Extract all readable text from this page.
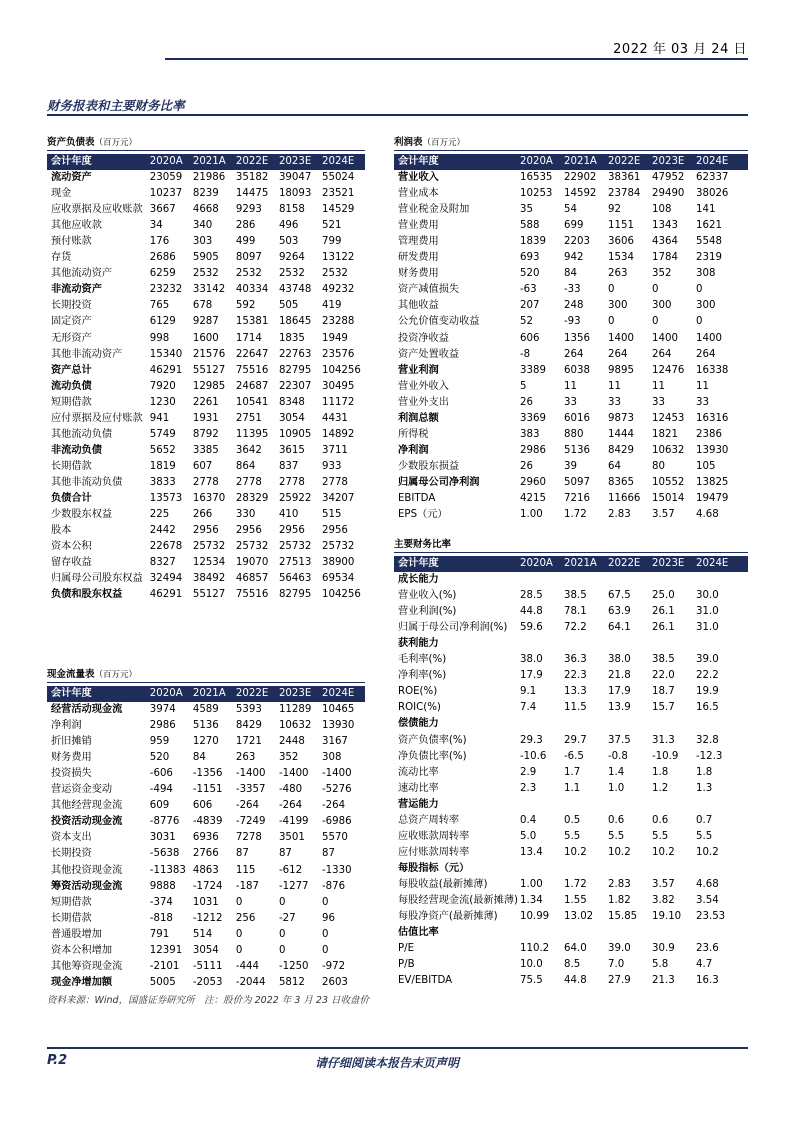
2022 年 03 月 24 日
财务报表和主要财务比率
资产负债表（百万元）
会计年度	2020A 2021A 2022E	2023E	2024E
流动资产	23059	21986	35182	39047	55024
现金	10237	8239	14475	18093	23521
应收票据及应收账款 3667	4668	9293	8158	14529
其他应收款	34	340	286	496	521
预付账款	176	303	499	503	799
存货	2686	5905	8097	9264	13122
其他流动资产	6259	2532	2532	2532	2532
非流动资产	23232	33142	40334	43748	49232
长期投资	765	678	592	505	419
固定资产	6129	9287	15381	18645	23288
无形资产	998	1600	1714	1835	1949
其他非流动资产	15340	21576	22647	22763	23576
资产总计	46291	55127	75516	82795	104256
流动负债	7920	12985	24687	22307	30495
短期借款	1230	2261	10541	8348	11172
应付票据及应付账款 941	1931	2751	3054	4431
其他流动负债	5749	8792	11395	10905	14892
非流动负债	5652	3385	3642	3615	3711
长期借款	1819	607	864	837	933
其他非流动负债	3833	2778	2778	2778	2778
负债合计	13573	16370	28329	25922	34207
少数股东权益	225	266	330	410	515
股本	2442	2956	2956	2956	2956
资本公积	22678	25732	25732	25732	25732
留存收益	8327	12534	19070	27513	38900
归属母公司股东权益 32494	38492	46857	56463	69534
负债和股东权益	46291	55127	75516	82795	104256
利润表（百万元）
会计年度	2020A	2021A	2022E	2023E	2024E
营业收入	16535	22902	38361	47952	62337
营业成本	10253	14592	23784	29490	38026
营业税金及附加	35	54	92	108	141
营业费用	588	699	1151	1343	1621
管理费用	1839	2203	3606	4364	5548
研发费用	693	942	1534	1784	2319
财务费用	520	84	263	352	308
资产减值损失	-63	-33	0	0	0
其他收益	207	248	300	300	300
公允价值变动收益	52	-93	0	0	0
投资净收益	606	1356	1400	1400	1400
资产处置收益	-8	264	264	264	264
营业利润	3389	6038	9895	12476	16338
营业外收入	5	11	11	11	11
营业外支出	26	33	33	33	33
利润总额	3369	6016	9873	12453	16316
所得税	383	880	1444	1821	2386
净利润	2986	5136	8429	10632	13930
少数股东损益	26	39	64	80	105
归属母公司净利润	2960	5097	8365	10552	13825
EBITDA	4215	7216	11666	15014	19479
EPS（元）	1.00	1.72	2.83	3.57	4.68
主要财务比率
会计年度	2020A	2021A	2022E	2023E	2024E
成长能力
营业收入(%)	28.5	38.5	67.5	25.0	30.0
营业利润(%)	44.8	78.1	63.9	26.1	31.0
归属于母公司净利润(%)	59.6	72.2	64.1	26.1	31.0
获利能力
毛利率(%)	38.0	36.3	38.0	38.5	39.0
净利率(%)	17.9	22.3	21.8	22.0	22.2
ROE(%)	9.1	13.3	17.9	18.7	19.9
ROIC(%)	7.4	11.5	13.9	15.7	16.5
偿债能力
资产负债率(%)	29.3	29.7	37.5	31.3	32.8
净负债比率(%)	-10.6	-6.5	-0.8	-10.9	-12.3
流动比率	2.9	1.7	1.4	1.8	1.8
速动比率	2.3	1.1	1.0	1.2	1.3
营运能力
总资产周转率	0.4	0.5	0.6	0.6	0.7
应收账款周转率	5.0	5.5	5.5	5.5	5.5
应付账款周转率	13.4	10.2	10.2	10.2	10.2
每股指标（元）
每股收益(最新摊薄)	1.00	1.72	2.83	3.57	4.68
每股经营现金流(最新摊薄) 1.34	1.55	1.82	3.82	3.54
每股净资产(最新摊薄)	10.99	13.02	15.85	19.10	23.53
估值比率
P/E	110.2	64.0	39.0	30.9	23.6
P/B	10.0	8.5	7.0	5.8	4.7
EV/EBITDA	75.5	44.8	27.9	21.3	16.3
现金流量表（百万元）
会计年度	2020A 2021A 2022E	2023E	2024E
经营活动现金流	3974	4589	5393	11289	10465
净利润	2986	5136	8429	10632	13930
折旧摊销	959	1270	1721	2448	3167
财务费用	520	84	263	352	308
投资损失	-606	-1356	-1400	-1400	-1400
营运资金变动	-494	-1151	-3357	-480	-5276
其他经营现金流	609	606	-264	-264	-264
投资活动现金流	-8776	-4839	-7249	-4199	-6986
资本支出	3031	6936	7278	3501	5570
长期投资	-5638	2766	87	87	87
其他投资现金流	-11383 4863	115	-612	-1330
筹资活动现金流	9888	-1724	-187	-1277	-876
短期借款	-374	1031	0	0	0
长期借款	-818	-1212	256	-27	96
普通股增加	791	514	0	0	0
资本公积增加	12391	3054	0	0	0
其他筹资现金流	-2101	-5111	-444	-1250	-972
现金净增加额	5005	-2053	-2044	5812	2603
资料来源：Wind，国盛证券研究所　注：股价为 2022 年 3 月 23 日收盘价
P.2	请仔细阅读本报告末页声明
